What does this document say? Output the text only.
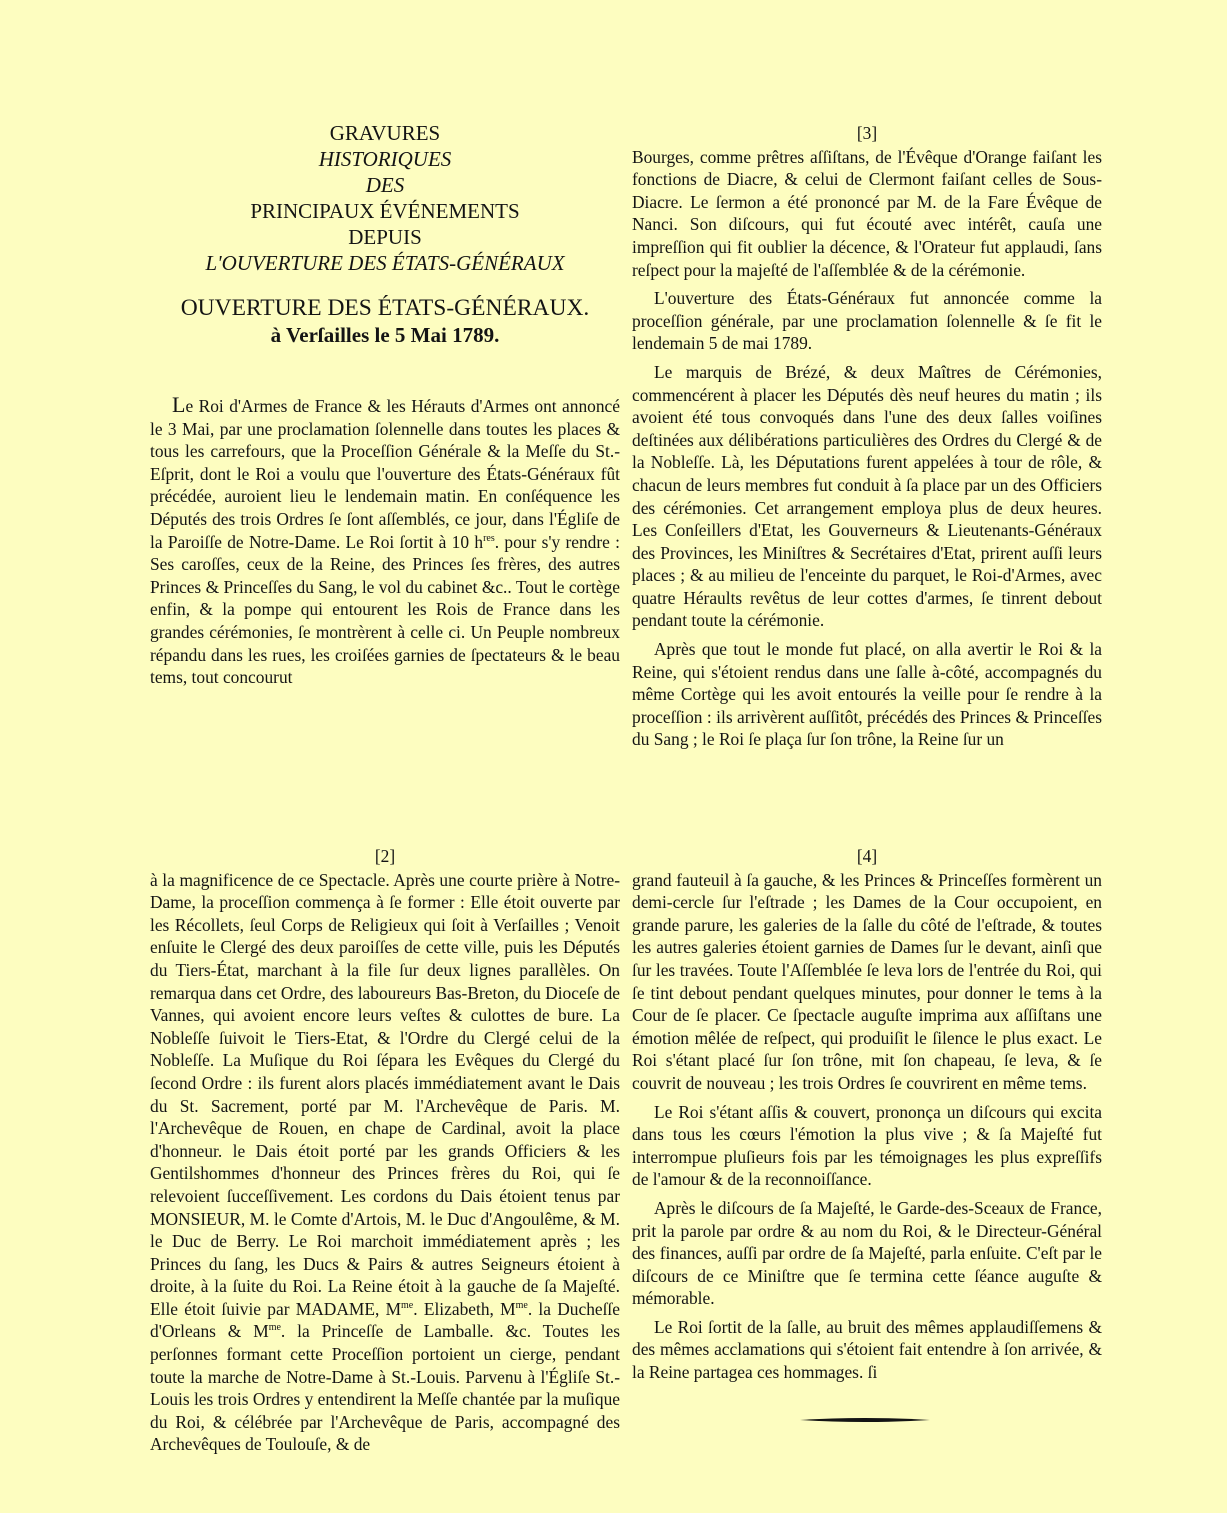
GRAVURES
HISTORIQUES
DES
PRINCIPAUX ÉVÉNEMENTS
DEPUIS
L'OUVERTURE DES ÉTATS-GÉNÉRAUX
OUVERTURE DES ÉTATS-GÉNÉRAUX.
à Verſailles le 5 Mai 1789.

Le Roi d'Armes de France & les Hérauts d'Armes ont annoncé le 3 Mai, par une proclamation ſolennelle dans toutes les places & tous les carrefours, que la Proceſſion Générale & la Meſſe du St.-Eſprit, dont le Roi a voulu que l'ouverture des États-Généraux fût précédée, auroient lieu le lendemain matin. En conſéquence les Députés des trois Ordres ſe ſont aſſemblés, ce jour, dans l'Égliſe de la Paroiſſe de Notre-Dame. Le Roi ſortit à 10 $h^{res}$. pour s'y rendre : Ses caroſſes, ceux de la Reine, des Princes ſes frères, des autres Princes & Princeſſes du Sang, le vol du cabinet &c.. Tout le cortège enfin, & la pompe qui entourent les Rois de France dans les grandes cérémonies, ſe montrèrent à celle ci. Un Peuple nombreux répandu dans les rues, les croiſées garnies de ſpectateurs & le beau tems, tout concourut

[3]

Bourges, comme prêtres aſſiſtans, de l'Évêque d'Orange faiſant les fonctions de Diacre, & celui de Clermont faiſant celles de Sous-Diacre. Le ſermon a été prononcé par M. de la Fare Évêque de Nanci. Son diſcours, qui fut écouté avec intérêt, cauſa une impreſſion qui fit oublier la décence, & l'Orateur fut applaudi, ſans reſpect pour la majeſté de l'aſſemblée & de la cérémonie.

L'ouverture des États-Généraux fut annoncée comme la proceſſion générale, par une proclamation ſolennelle & ſe fit le lendemain 5 de mai 1789.

Le marquis de Brézé, & deux Maîtres de Cérémonies, commencérent à placer les Députés dès neuf heures du matin ; ils avoient été tous convoqués dans l'une des deux ſalles voiſines deſtinées aux délibérations particulières des Ordres du Clergé & de la Nobleſſe. Là, les Députations furent appelées à tour de rôle, & chacun de leurs membres fut conduit à ſa place par un des Officiers des cérémonies. Cet arrangement employa plus de deux heures. Les Conſeillers d'Etat, les Gouverneurs & Lieutenants-Généraux des Provinces, les Miniſtres & Secrétaires d'Etat, prirent auſſi leurs places ; & au milieu de l'enceinte du parquet, le Roi-d'Armes, avec quatre Héraults revêtus de leur cottes d'armes, ſe tinrent debout pendant toute la cérémonie.

Après que tout le monde fut placé, on alla avertir le Roi & la Reine, qui s'étoient rendus dans une ſalle à-côté, accompagnés du même Cortège qui les avoit entourés la veille pour ſe rendre à la proceſſion : ils arrivèrent auſſitôt, précédés des Princes & Princeſſes du Sang ; le Roi ſe plaça ſur ſon trône, la Reine ſur un

[2]

à la magnificence de ce Spectacle. Après une courte prière à Notre-Dame, la proceſſion commença à ſe former : Elle étoit ouverte par les Récollets, ſeul Corps de Religieux qui ſoit à Verſailles ; Venoit enſuite le Clergé des deux paroiſſes de cette ville, puis les Députés du Tiers-État, marchant à la file ſur deux lignes parallèles. On remarqua dans cet Ordre, des laboureurs Bas-Breton, du Dioceſe de Vannes, qui avoient encore leurs veſtes & culottes de bure. La Nobleſſe ſuivoit le Tiers-Etat, & l'Ordre du Clergé celui de la Nobleſſe. La Muſique du Roi ſépara les Evêques du Clergé du ſecond Ordre : ils furent alors placés immédiatement avant le Dais du St. Sacrement, porté par M. l'Archevêque de Paris. M. l'Archevêque de Rouen, en chape de Cardinal, avoit la place d'honneur. le Dais étoit porté par les grands Officiers & les Gentilshommes d'honneur des Princes frères du Roi, qui ſe relevoient ſucceſſivement. Les cordons du Dais étoient tenus par MONSIEUR, M. le Comte d'Artois, M. le Duc d'Angoulême, & M. le Duc de Berry. Le Roi marchoit immédiatement après ; les Princes du ſang, les Ducs & Pairs & autres Seigneurs étoient à droite, à la ſuite du Roi. La Reine étoit à la gauche de ſa Majeſté. Elle étoit ſuivie par MADAME, $M^{me}$. Elizabeth, $M^{me}$. la Ducheſſe d'Orleans & $M^{me}$. la Princeſſe de Lamballe. &c. Toutes les perſonnes formant cette Proceſſion portoient un cierge, pendant toute la marche de Notre-Dame à St.-Louis. Parvenu à l'Égliſe St.-Louis les trois Ordres y entendirent la Meſſe chantée par la muſique du Roi, & célébrée par l'Archevêque de Paris, accompagné des Archevêques de Toulouſe, & de

[4]

grand fauteuil à ſa gauche, & les Princes & Princeſſes formèrent un demi-cercle ſur l'eſtrade ; les Dames de la Cour occupoient, en grande parure, les galeries de la ſalle du côté de l'eſtrade, & toutes les autres galeries étoient garnies de Dames ſur le devant, ainſi que ſur les travées. Toute l'Aſſemblée ſe leva lors de l'entrée du Roi, qui ſe tint debout pendant quelques minutes, pour donner le tems à la Cour de ſe placer. Ce ſpectacle auguſte imprima aux aſſiſtans une émotion mêlée de reſpect, qui produiſit le ſilence le plus exact. Le Roi s'étant placé ſur ſon trône, mit ſon chapeau, ſe leva, & ſe couvrit de nouveau ; les trois Ordres ſe couvrirent en même tems.

Le Roi s'étant aſſis & couvert, prononça un diſcours qui excita dans tous les cœurs l'émotion la plus vive ; & ſa Majeſté fut interrompue pluſieurs fois par les témoignages les plus expreſſifs de l'amour & de la reconnoiſſance.

Après le diſcours de ſa Majeſté, le Garde-des-Sceaux de France, prit la parole par ordre & au nom du Roi, & le Directeur-Général des finances, auſſi par ordre de ſa Majeſté, parla enſuite. C'eſt par le diſcours de ce Miniſtre que ſe termina cette ſéance auguſte & mémorable.

Le Roi ſortit de la ſalle, au bruit des mêmes applaudiſſemens & des mêmes acclamations qui s'étoient fait entendre à ſon arrivée, & la Reine partagea ces hommages. ſi
